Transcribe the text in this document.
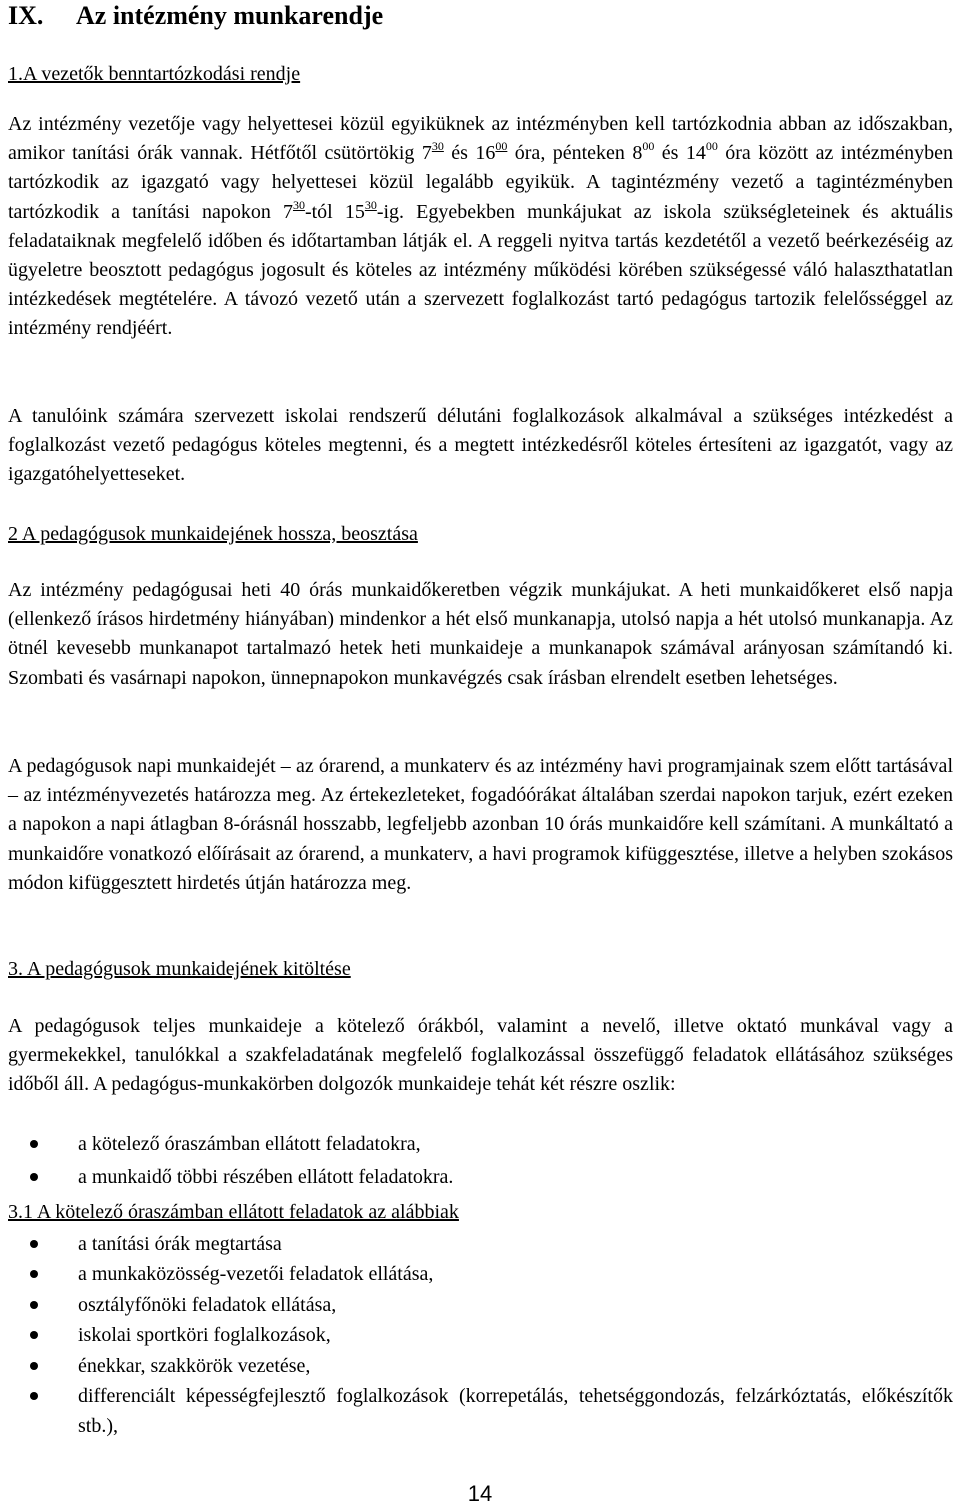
IX. Az intézmény munkarendje
1.A vezetők benntartózkodási rendje

Az intézmény vezetője vagy helyettesei közül egyiküknek az intézményben kell tartózkodnia abban az időszakban, amikor tanítási órák vannak. Hétfőtől csütörtökig $7^{30}$ és $16^{00}$ óra, pénteken $8^{00}$ és $14^{00}$ óra között az intézményben tartózkodik az igazgató vagy helyettesei közül legalább egyikük. A tagintézmény vezető a tagintézményben tartózkodik a tanítási napokon $7^{30}$-tól $15^{30}-ig$. Egyebekben munkájukat az iskola szükségleteinek és aktuális feladataiknak megfelelő időben és időtartamban látják el. A reggeli nyitva tartás kezdetétől a vezető beérkezéséig az ügyeletre beosztott pedagógus jogosult és köteles az intézmény működési körében szükségessé váló halaszthatatlan intézkedések megtételére. A távozó vezető után a szervezett foglalkozást tartó pedagógus tartozik felelősséggel az intézmény rendjéért.

A tanulóink számára szervezett iskolai rendszerű délutáni foglalkozások alkalmával a szükséges intézkedést a foglalkozást vezető pedagógus köteles megtenni, és a megtett intézkedésről köteles értesíteni az igazgatót, vagy az igazgatóhelyetteseket.

2 A pedagógusok munkaidejének hossza, beosztása

Az intézmény pedagógusai heti 40 órás munkaidőkeretben végzik munkájukat. A heti munkaidőkeret első napja (ellenkező írásos hirdetmény hiányában) mindenkor a hét első munkanapja, utolsó napja a hét utolsó munkanapja. Az ötnél kevesebb munkanapot tartalmazó hetek heti munkaideje a munkanapok számával arányosan számítandó ki. Szombati és vasárnapi napokon, ünnepnapokon munkavégzés csak írásban elrendelt esetben lehetséges.

A pedagógusok napi munkaidejét – az órarend, a munkaterv és az intézmény havi programjainak szem előtt tartásával – az intézményvezetés határozza meg. Az értekezleteket, fogadóórákat általában szerdai napokon tarjuk, ezért ezeken a napokon a napi átlagban 8-órásnál hosszabb, legfeljebb azonban 10 órás munkaidőre kell számítani. A munkáltató a munkaidőre vonatkozó előírásait az órarend, a munkaterv, a havi programok kifüggesztése, illetve a helyben szokásos módon kifüggesztett hirdetés útján határozza meg.

3. A pedagógusok munkaidejének kitöltése

A pedagógusok teljes munkaideje a kötelező órákból, valamint a nevelő, illetve oktató munkával vagy a gyermekekkel, tanulókkal a szakfeladatának megfelelő foglalkozással összefüggő feladatok ellátásához szükséges időből áll. A pedagógus-munkakörben dolgozók munkaideje tehát két részre oszlik:

a kötelező óraszámban ellátott feladatokra,
a munkaidő többi részében ellátott feladatokra.
3.1 A kötelező óraszámban ellátott feladatok az alábbiak
a tanítási órák megtartása
a munkaközösség-vezetői feladatok ellátása,
osztályfőnöki feladatok ellátása,
iskolai sportköri foglalkozások,
énekkar, szakkörök vezetése,
differenciált képességfejlesztő foglalkozások (korrepetálás, tehetséggondozás, felzárkóztatás, előkészítők stb.),
14
